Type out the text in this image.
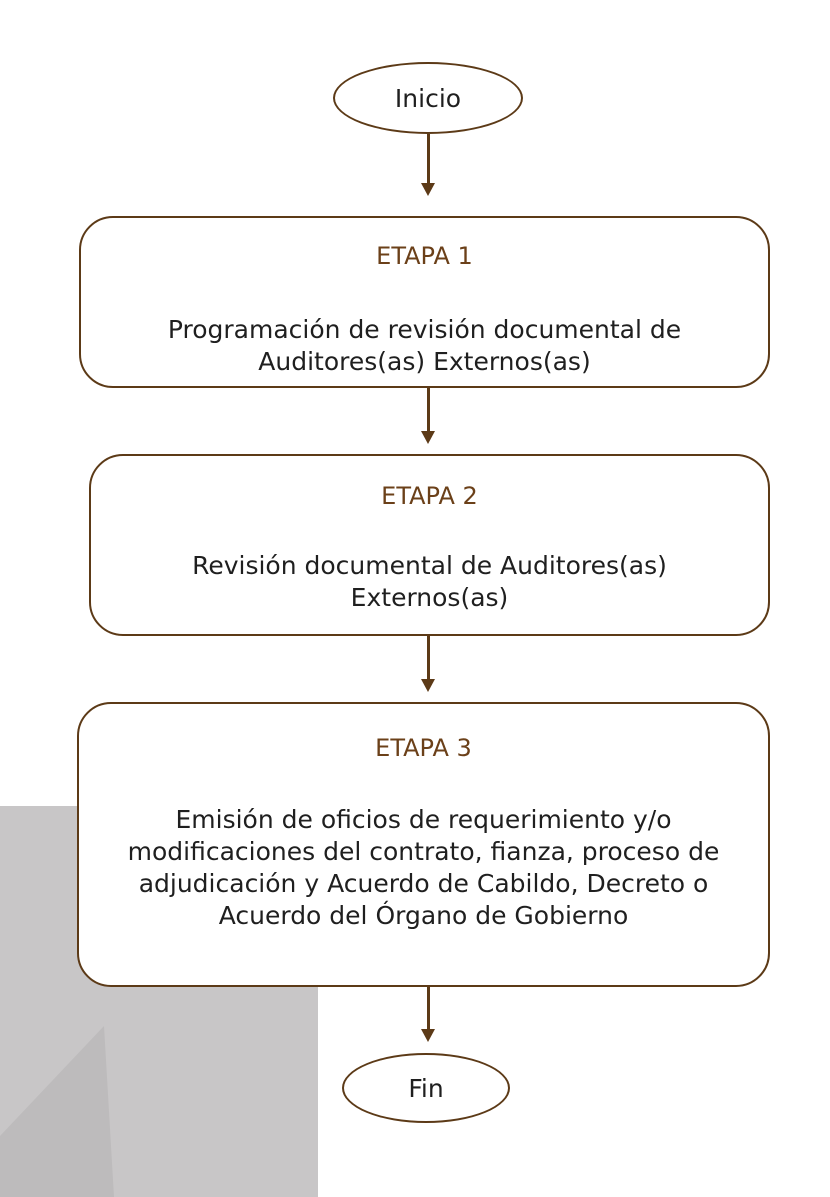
Inicio
ETAPA 1
Programación de revisión documental de Auditores(as) Externos(as)
ETAPA 2
Revisión documental de Auditores(as) Externos(as)
ETAPA 3
Emisión de oficios de requerimiento y/o modificaciones del contrato, fianza, proceso de adjudicación y Acuerdo de Cabildo, Decreto o Acuerdo del Órgano de Gobierno
Fin
